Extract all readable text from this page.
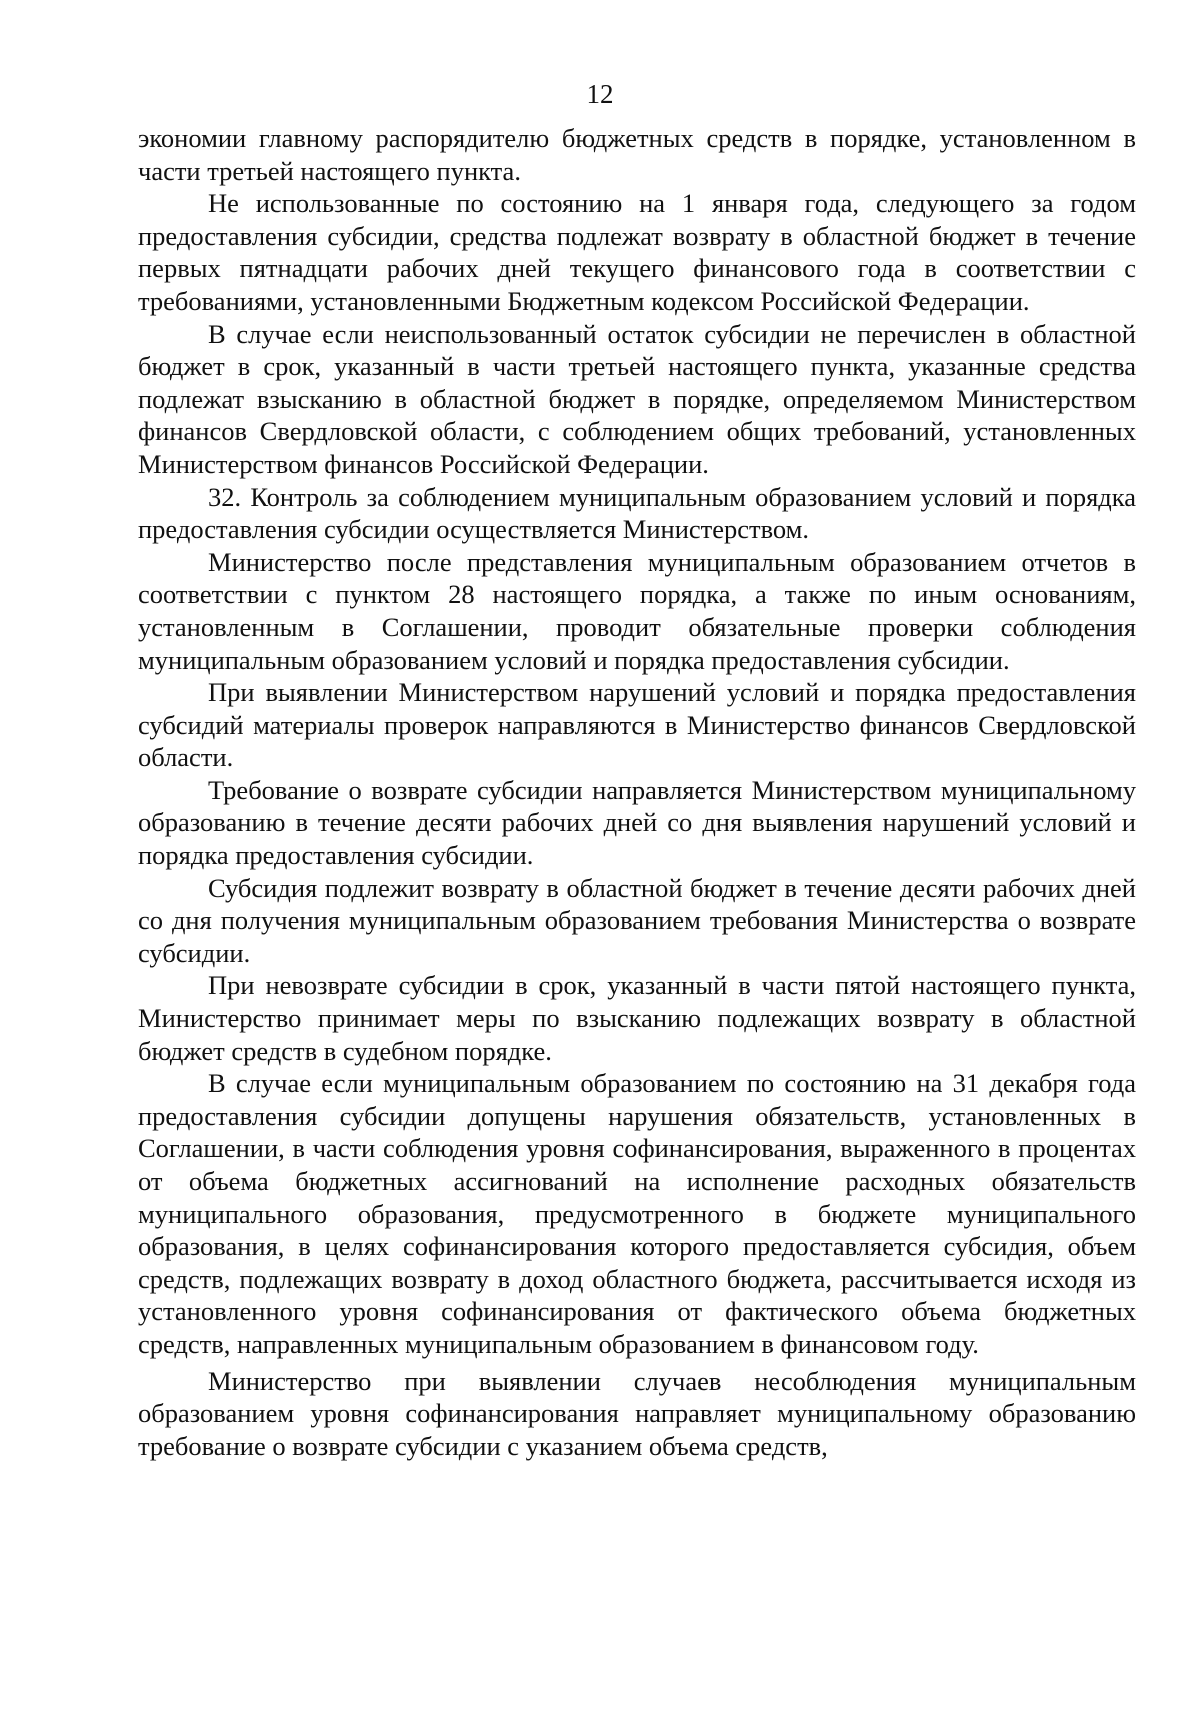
12

экономии главному распорядителю бюджетных средств в порядке, установленном в части третьей настоящего пункта.

Не использованные по состоянию на 1 января года, следующего за годом предоставления субсидии, средства подлежат возврату в областной бюджет в течение первых пятнадцати рабочих дней текущего финансового года в соответствии с требованиями, установленными Бюджетным кодексом Российской Федерации.

В случае если неиспользованный остаток субсидии не перечислен в областной бюджет в срок, указанный в части третьей настоящего пункта, указанные средства подлежат взысканию в областной бюджет в порядке, определяемом Министерством финансов Свердловской области, с соблюдением общих требований, установленных Министерством финансов Российской Федерации.

32. Контроль за соблюдением муниципальным образованием условий и порядка предоставления субсидии осуществляется Министерством.

Министерство после представления муниципальным образованием отчетов в соответствии с пунктом 28 настоящего порядка, а также по иным основаниям, установленным в Соглашении, проводит обязательные проверки соблюдения муниципальным образованием условий и порядка предоставления субсидии.

При выявлении Министерством нарушений условий и порядка предоставления субсидий материалы проверок направляются в Министерство финансов Свердловской области.

Требование о возврате субсидии направляется Министерством муниципальному образованию в течение десяти рабочих дней со дня выявления нарушений условий и порядка предоставления субсидии.

Субсидия подлежит возврату в областной бюджет в течение десяти рабочих дней со дня получения муниципальным образованием требования Министерства о возврате субсидии.

При невозврате субсидии в срок, указанный в части пятой настоящего пункта, Министерство принимает меры по взысканию подлежащих возврату в областной бюджет средств в судебном порядке.

В случае если муниципальным образованием по состоянию на 31 декабря года предоставления субсидии допущены нарушения обязательств, установленных в Соглашении, в части соблюдения уровня софинансирования, выраженного в процентах от объема бюджетных ассигнований на исполнение расходных обязательств муниципального образования, предусмотренного в бюджете муниципального образования, в целях софинансирования которого предоставляется субсидия, объем средств, подлежащих возврату в доход областного бюджета, рассчитывается исходя из установленного уровня софинансирования от фактического объема бюджетных средств, направленных муниципальным образованием в финансовом году.

Министерство при выявлении случаев несоблюдения муниципальным образованием уровня софинансирования направляет муниципальному образованию требование о возврате субсидии с указанием объема средств,
